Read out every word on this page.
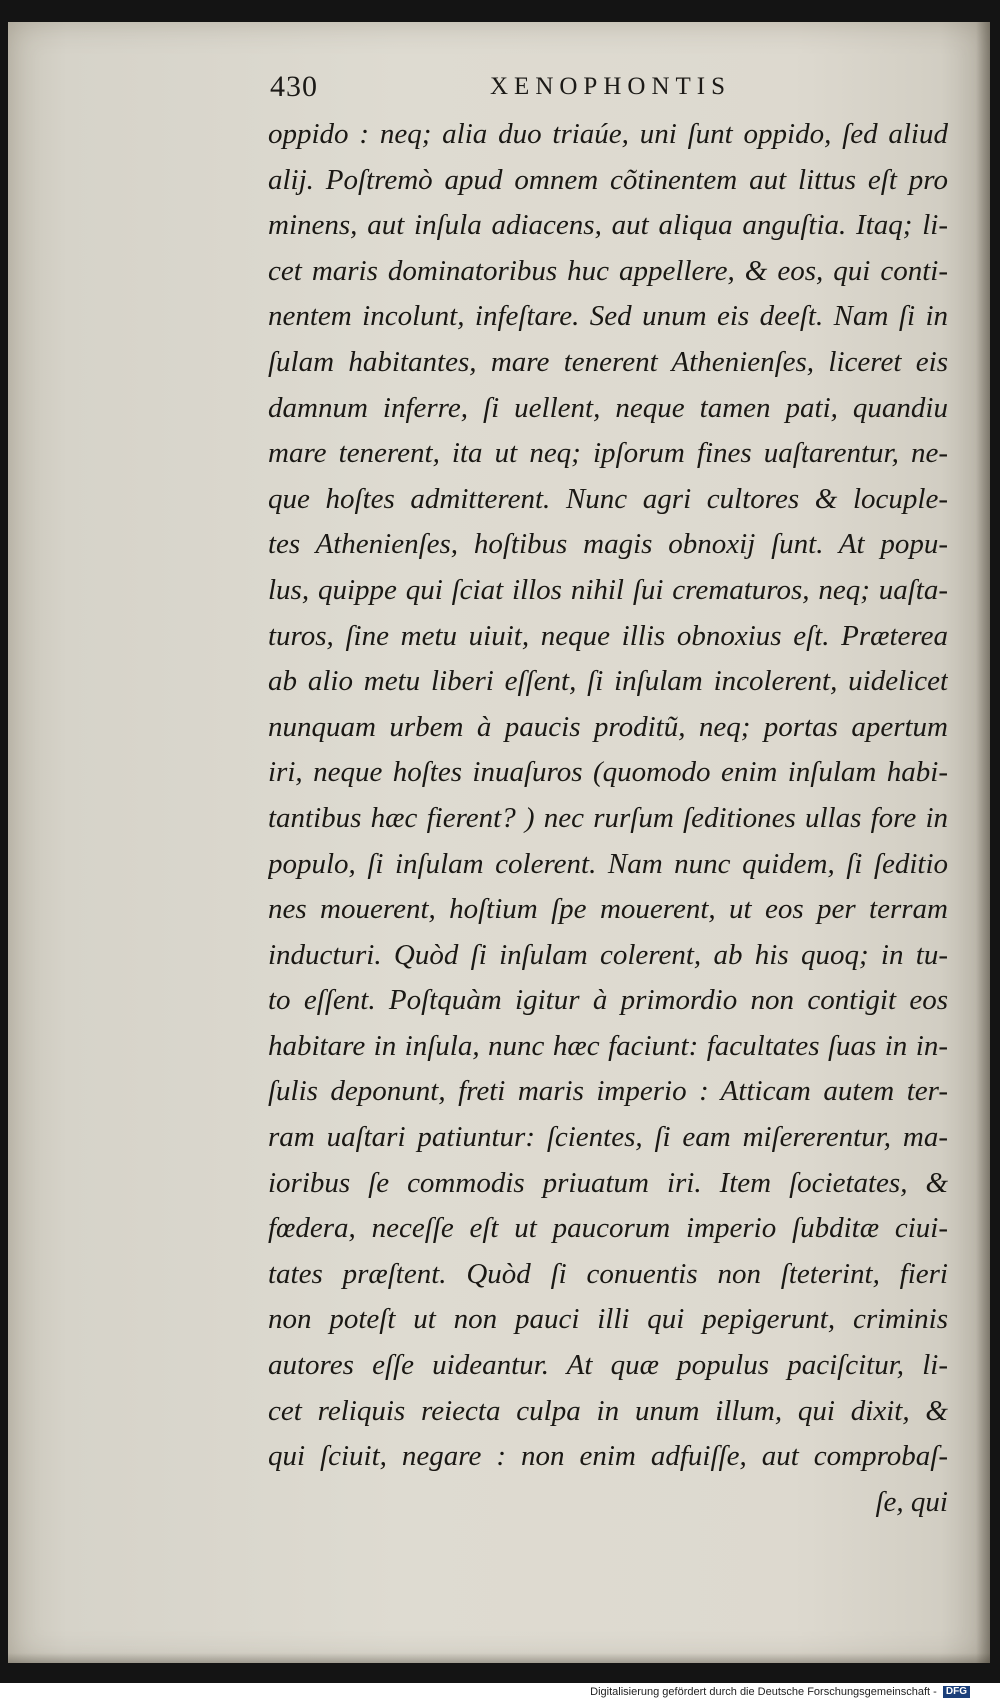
430	XENOPHONTIS
oppido : neq; alia duo triaúe, uni ſunt oppido, ſed aliud
alij. Poſtremò apud omnem cõtinentem aut littus eſt pro
minens, aut inſula adiacens, aut aliqua anguſtia. Itaq; li-
cet maris dominatoribus huc appellere, & eos, qui conti-
nentem incolunt, infeſtare. Sed unum eis deeſt. Nam ſi in
ſulam habitantes, mare tenerent Athenienſes, liceret eis
damnum inferre, ſi uellent, neque tamen pati, quandiu
mare tenerent, ita ut neq; ipſorum fines uaſtarentur, ne-
que hoſtes admitterent. Nunc agri cultores & locuple-
tes Athenienſes, hoſtibus magis obnoxij ſunt. At popu-
lus, quippe qui ſciat illos nihil ſui crematuros, neq; uaſta-
turos, ſine metu uiuit, neque illis obnoxius eſt. Præterea
ab alio metu liberi eſſent, ſi inſulam incolerent, uidelicet
nunquam urbem à paucis proditũ, neq; portas apertum
iri, neque hoſtes inuaſuros (quomodo enim inſulam habi-
tantibus hæc fierent? ) nec rurſum ſeditiones ullas fore in
populo, ſi inſulam colerent. Nam nunc quidem, ſi ſeditio
nes mouerent, hoſtium ſpe mouerent, ut eos per terram
inducturi. Quòd ſi inſulam colerent, ab his quoq; in tu-
to eſſent. Poſtquàm igitur à primordio non contigit eos
habitare in inſula, nunc hæc faciunt: facultates ſuas in in-
ſulis deponunt, freti maris imperio : Atticam autem ter-
ram uaſtari patiuntur: ſcientes, ſi eam miſererentur, ma-
ioribus ſe commodis priuatum iri. Item ſocietates, &
fœdera, neceſſe eſt ut paucorum imperio ſubditæ ciui-
tates præſtent. Quòd ſi conuentis non ſteterint, fieri
non poteſt ut non pauci illi qui pepigerunt, criminis
autores eſſe uideantur. At quæ populus paciſcitur, li-
cet reliquis reiecta culpa in unum illum, qui dixit, &
qui ſciuit, negare : non enim adfuiſſe, aut comprobaſ-
ſe, qui
Digitalisierung gefördert durch die Deutsche Forschungsgemeinschaft - DFG
